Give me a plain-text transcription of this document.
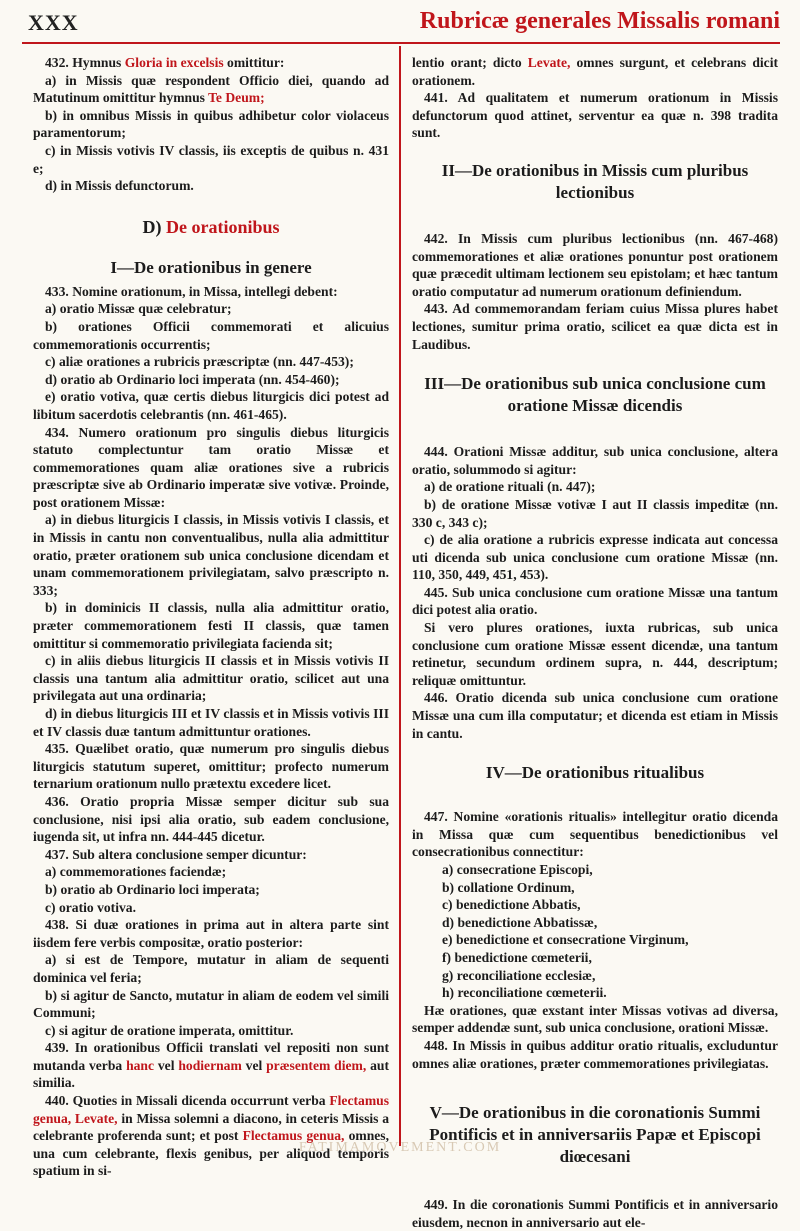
XXX	Rubricæ generales Missalis romani

432. Hymnus Gloria in excelsis omittitur:

a) in Missis quæ respondent Officio diei, quando ad Matutinum omittitur hymnus Te Deum;

b) in omnibus Missis in quibus adhibetur color violaceus paramentorum;

c) in Missis votivis IV classis, iis exceptis de quibus n. 431 e;

d) in Missis defunctorum.

D) De orationibus

I—De orationibus in genere

433. Nomine orationum, in Missa, intellegi debent:

a) oratio Missæ quæ celebratur;

b) orationes Officii commemorati et alicuius commemorationis occurrentis;

c) aliæ orationes a rubricis præscriptæ (nn. 447-453);

d) oratio ab Ordinario loci imperata (nn. 454-460);

e) oratio votiva, quæ certis diebus liturgicis dici potest ad libitum sacerdotis celebrantis (nn. 461-465).

434. Numero orationum pro singulis diebus liturgicis statuto complectuntur tam oratio Missæ et commemorationes quam aliæ orationes sive a rubricis præscriptæ sive ab Ordinario imperatæ sive votivæ. Proinde, post orationem Missæ:

a) in diebus liturgicis I classis, in Missis votivis I classis, et in Missis in cantu non conventualibus, nulla alia admittitur oratio, præter orationem sub unica conclusione dicendam et unam commemorationem privilegiatam, salvo præscripto n. 333;

b) in dominicis II classis, nulla alia admittitur oratio, præter commemorationem festi II classis, quæ tamen omittitur si commemoratio privilegiata facienda sit;

c) in aliis diebus liturgicis II classis et in Missis votivis II classis una tantum alia admittitur oratio, scilicet aut una privilegata aut una ordinaria;

d) in diebus liturgicis III et IV classis et in Missis votivis III et IV classis duæ tantum admittuntur orationes.

435. Quælibet oratio, quæ numerum pro singulis diebus liturgicis statutum superet, omittitur; profecto numerum ternarium orationum nullo prætextu excedere licet.

436. Oratio propria Missæ semper dicitur sub sua conclusione, nisi ipsi alia oratio, sub eadem conclusione, iugenda sit, ut infra nn. 444-445 dicetur.

437. Sub altera conclusione semper dicuntur:

a) commemorationes faciendæ;

b) oratio ab Ordinario loci imperata;

c) oratio votiva.

438. Si duæ orationes in prima aut in altera parte sint iisdem fere verbis compositæ, oratio posterior:

a) si est de Tempore, mutatur in aliam de sequenti dominica vel feria;

b) si agitur de Sancto, mutatur in aliam de eodem vel simili Communi;

c) si agitur de oratione imperata, omittitur.

439. In orationibus Officii translati vel repositi non sunt mutanda verba hanc vel hodiernam vel præsentem diem, aut similia.

440. Quoties in Missali dicenda occurrunt verba Flectamus genua, Levate, in Missa solemni a diacono, in ceteris Missis a celebrante proferenda sunt; et post Flectamus genua, omnes, una cum celebrante, flexis genibus, per aliquod temporis spatium in si-

lentio orant; dicto Levate, omnes surgunt, et celebrans dicit orationem.

441. Ad qualitatem et numerum orationum in Missis defunctorum quod attinet, serventur ea quæ n. 398 tradita sunt.

II—De orationibus in Missis cum pluribus lectionibus

442. In Missis cum pluribus lectionibus (nn. 467-468) commemorationes et aliæ orationes ponuntur post orationem quæ præcedit ultimam lectionem seu epistolam; et hæc tantum oratio computatur ad numerum orationum definiendum.

443. Ad commemorandam feriam cuius Missa plures habet lectiones, sumitur prima oratio, scilicet ea quæ dicta est in Laudibus.

III—De orationibus sub unica conclusione cum oratione Missæ dicendis

444. Orationi Missæ additur, sub unica conclusione, altera oratio, solummodo si agitur:

a) de oratione rituali (n. 447);

b) de oratione Missæ votivæ I aut II classis impeditæ (nn. 330 c, 343 c);

c) de alia oratione a rubricis expresse indicata aut concessa uti dicenda sub unica conclusione cum oratione Missæ (nn. 110, 350, 449, 451, 453).

445. Sub unica conclusione cum oratione Missæ una tantum dici potest alia oratio.

Si vero plures orationes, iuxta rubricas, sub unica conclusione cum oratione Missæ essent dicendæ, una tantum retinetur, secundum ordinem supra, n. 444, descriptum; reliquæ omittuntur.

446. Oratio dicenda sub unica conclusione cum oratione Missæ una cum illa computatur; et dicenda est etiam in Missis in cantu.

IV—De orationibus ritualibus

447. Nomine «orationis ritualis» intellegitur oratio dicenda in Missa quæ cum sequentibus benedictionibus vel consecrationibus connectitur:

a) consecratione Episcopi,
b) collatione Ordinum,
c) benedictione Abbatis,
d) benedictione Abbatissæ,
e) benedictione et consecratione Virginum,
f) benedictione cœmeterii,
g) reconciliatione ecclesiæ,
h) reconciliatione cœmeterii.

Hæ orationes, quæ exstant inter Missas votivas ad diversa, semper addendæ sunt, sub unica conclusione, orationi Missæ.

448. In Missis in quibus additur oratio ritualis, excluduntur omnes aliæ orationes, præter commemorationes privilegiatas.

V—De orationibus in die coronationis Summi Pontificis et in anniversariis Papæ et Episcopi diœcesani

449. In die coronationis Summi Pontificis et in anniversario eiusdem, necnon in anniversario aut ele-

FATIMAMOVEMENT.COM
